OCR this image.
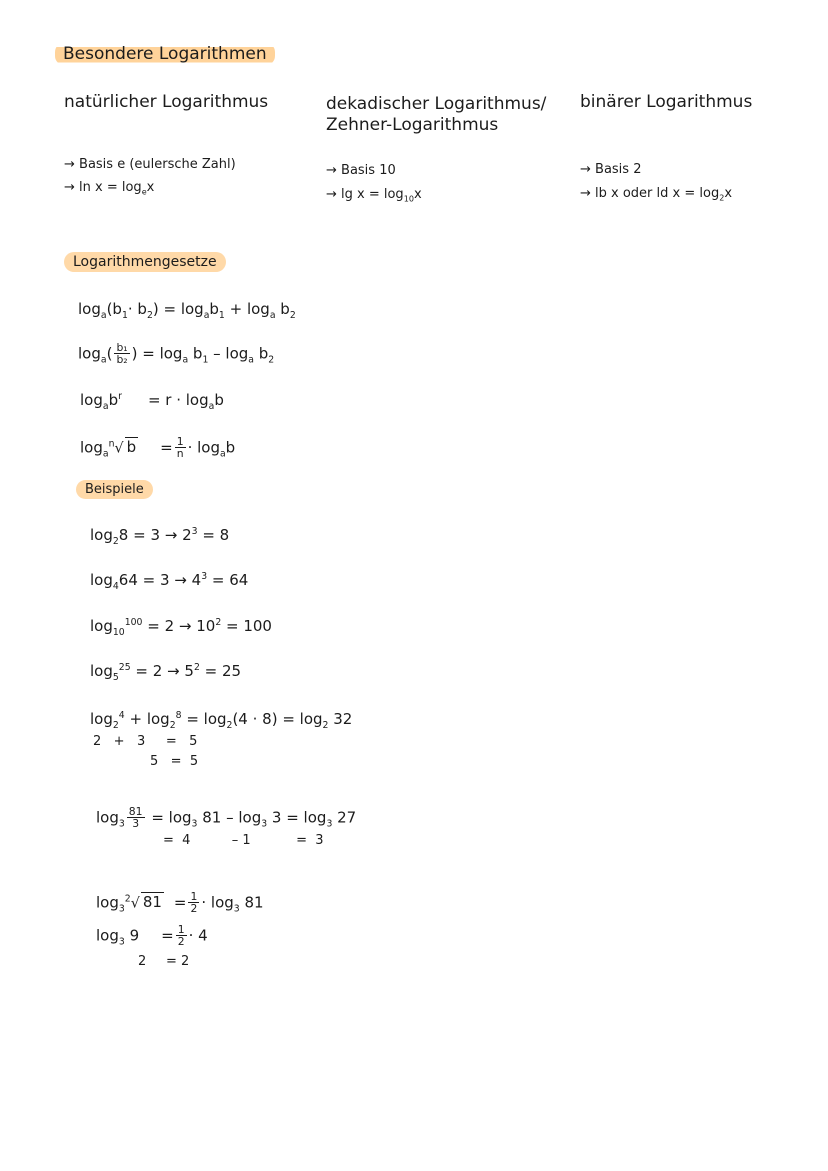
Besondere Logarithmen
natürlicher Logarithmus
→ Basis e (eulersche Zahl)
→ $\ln x = \log_ex$
dekadischer Logarithmus/
Zehner-Logarithmus
→ Basis 10
→ $\lg x = \log_{10}x$
binärer Logarithmus
→ Basis 2
→ lb x oder ld $x = \log_2x$
Logarithmengesetze
$\log_a(b_1\cdot b_2) = \log_ab_1 + \log_a b_2$
$\log_a( \frac{\text{b₁}}{\text{b₂}}$ ) = $\log_a b_1 - \log_a b_2$
$\log_ab^r = r \cdot \log_ab$
$\log_a^n√$ $b = \frac{1}{n} \cdot \log_ab$
Beispiele
$\log_28 = 3 \to 2^3 = 8$
$\log_464 = 3 \to 4^3 = 64$
$\log_{10}^{100} = 2 \to 10^2 = 100$
$\log_5^{25} = 2 \to 5^2 = 25$
$\log_2^4 + \log_2^8 = \log_2(4 \cdot 8) = \log_2 32$
2   +   3     =   5
5   =  5
$\log_3 \frac{81}{3} = \log_3 81 - \log_3 3 = \log_3 27$
=  4          – 1           =  3
$\log_3^2√$ $81 = \frac{1}{2} \cdot \log_3 81$
$\log_3 9 = \frac{1}{2} \cdot 4$
2 = 2
